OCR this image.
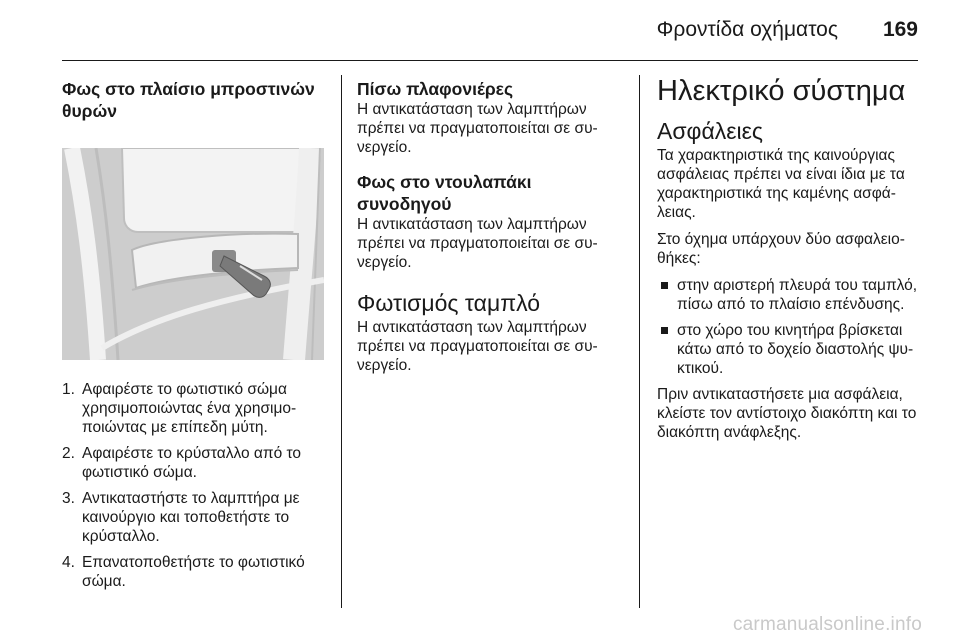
Φροντίδα οχήματος 169
Φως στο πλαίσιο μπροστινών
θυρών
1. Αφαιρέστε το φωτιστικό σώμα
χρησιμοποιώντας ένα χρησιμο-
ποιώντας με επίπεδη μύτη.
2. Αφαιρέστε το κρύσταλλο από το
φωτιστικό σώμα.
3. Αντικαταστήστε το λαμπτήρα με
καινούργιο και τοποθετήστε το
κρύσταλλο.
4. Επανατοποθετήστε το φωτιστικό
σώμα.
Πίσω πλαφονιέρες

Η αντικατάσταση των λαμπτήρων
πρέπει να πραγματοποιείται σε συ-
νεργείο.

Φως στο ντουλαπάκι
συνοδηγού

Η αντικατάσταση των λαμπτήρων
πρέπει να πραγματοποιείται σε συ-
νεργείο.

Φωτισμός ταμπλό

Η αντικατάσταση των λαμπτήρων
πρέπει να πραγματοποιείται σε συ-
νεργείο.

Ηλεκτρικό σύστημα
Ασφάλειες

Τα χαρακτηριστικά της καινούργιας
ασφάλειας πρέπει να είναι ίδια με τα
χαρακτηριστικά της καμένης ασφά-
λειας.

Στο όχημα υπάρχουν δύο ασφαλειο-
θήκες:

στην αριστερή πλευρά του ταμπλό,
πίσω από το πλαίσιο επένδυσης.
στο χώρο του κινητήρα βρίσκεται
κάτω από το δοχείο διαστολής ψυ-
κτικού.

Πριν αντικαταστήσετε μια ασφάλεια,
κλείστε τον αντίστοιχο διακόπτη και το
διακόπτη ανάφλεξης.

carmanualsonline.info
